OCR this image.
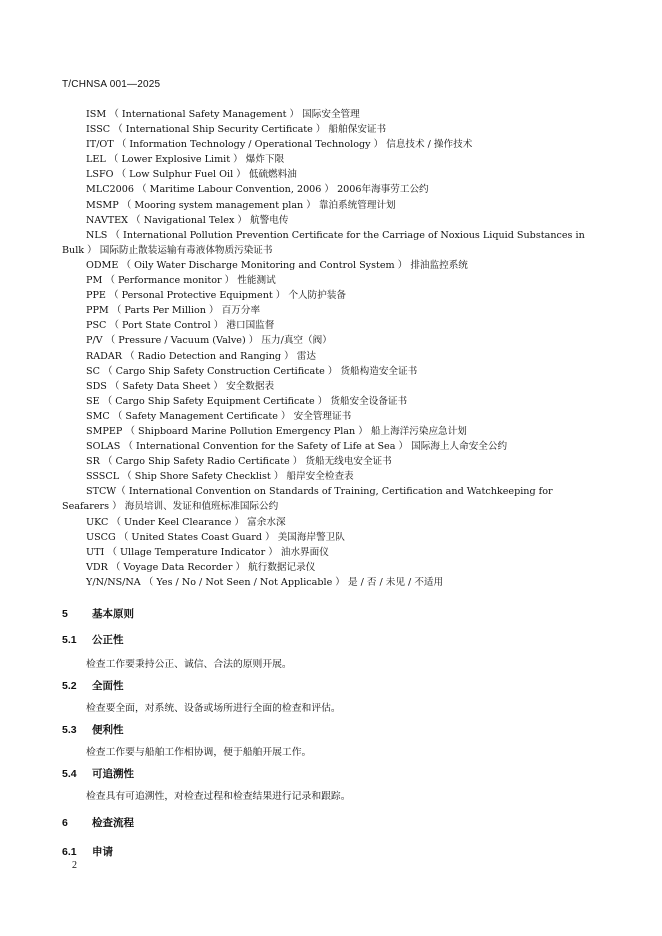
T/CHNSA 001—2025
ISM （ International Safety Management ） 国际安全管理
ISSC （ International Ship Security Certificate ） 船舶保安证书
IT/OT （ Information Technology / Operational Technology ） 信息技术 / 操作技术
LEL （ Lower Explosive Limit ） 爆炸下限
LSFO （ Low Sulphur Fuel Oil ） 低硫燃料油
MLC2006 （ Maritime Labour Convention, 2006 ） 2006年海事劳工公约
MSMP （ Mooring system management plan ） 靠泊系统管理计划
NAVTEX （ Navigational Telex ） 航警电传
NLS （ International Pollution Prevention Certificate for the Carriage of Noxious Liquid Substances in Bulk ） 国际防止散装运输有毒液体物质污染证书
ODME （ Oily Water Discharge Monitoring and Control System ） 排油监控系统
PM （ Performance monitor ） 性能测试
PPE （ Personal Protective Equipment ） 个人防护装备
PPM （ Parts Per Million ） 百万分率
PSC （ Port State Control ） 港口国监督
P/V （ Pressure / Vacuum (Valve) ） 压力/真空（阀）
RADAR （ Radio Detection and Ranging ） 雷达
SC （ Cargo Ship Safety Construction Certificate ） 货船构造安全证书
SDS （ Safety Data Sheet ） 安全数据表
SE （ Cargo Ship Safety Equipment Certificate ） 货船安全设备证书
SMC （ Safety Management Certificate ） 安全管理证书
SMPEP （ Shipboard Marine Pollution Emergency Plan ） 船上海洋污染应急计划
SOLAS （ International Convention for the Safety of Life at Sea ） 国际海上人命安全公约
SR （ Cargo Ship Safety Radio Certificate ） 货船无线电安全证书
SSSCL （ Ship Shore Safety Checklist ） 船岸安全检查表
STCW（ International Convention on Standards of Training, Certification and Watchkeeping for Seafarers ） 海员培训、发证和值班标准国际公约
UKC （ Under Keel Clearance ） 富余水深
USCG （ United States Coast Guard ） 美国海岸警卫队
UTI （ Ullage Temperature Indicator ） 油水界面仪
VDR （ Voyage Data Recorder ） 航行数据记录仪
Y/N/NS/NA （ Yes / No / Not Seen / Not Applicable ） 是 / 否 / 未见 / 不适用
5 基本原则
5.1 公正性
检查工作要秉持公正、诚信、合法的原则开展。
5.2 全面性
检查要全面，对系统、设备或场所进行全面的检查和评估。
5.3 便利性
检查工作要与船舶工作相协调，便于船舶开展工作。
5.4 可追溯性
检查具有可追溯性，对检查过程和检查结果进行记录和跟踪。
6 检查流程
6.1 申请
2
